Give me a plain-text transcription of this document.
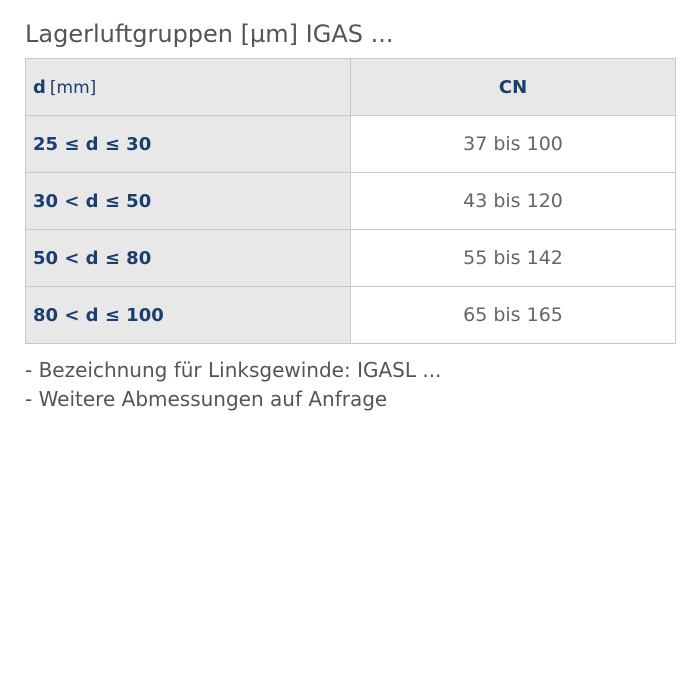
Lagerluftgruppen [µm] IGAS ...
d [mm]	CN
25 ≤ d ≤ 30	37 bis 100
30 < d ≤ 50	43 bis 120
50 < d ≤ 80	55 bis 142
80 < d ≤ 100	65 bis 165
- Bezeichnung für Linksgewinde: IGASL ...
- Weitere Abmessungen auf Anfrage
